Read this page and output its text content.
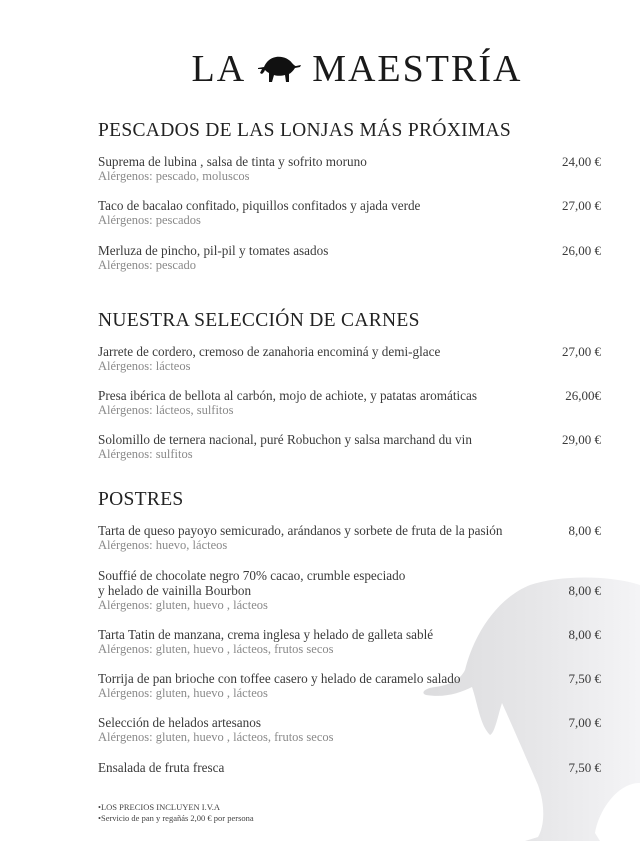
LA MAESTRÍA
PESCADOS DE LAS LONJAS MÁS PRÓXIMAS
Suprema de lubina , salsa de tinta y sofrito moruno
Alérgenos: pescado, moluscos
24,00 €
Taco de bacalao confitado, piquillos confitados y ajada verde
Alérgenos: pescados
27,00 €
Merluza de pincho, pil-pil y tomates asados
Alérgenos: pescado
26,00 €
NUESTRA SELECCIÓN DE CARNES
Jarrete de cordero, cremoso de zanahoria encominá y demi-glace
Alérgenos: lácteos
27,00 €
Presa ibérica de bellota al carbón, mojo de achiote, y patatas aromáticas
Alérgenos: lácteos, sulfitos
26,00€
Solomillo de ternera nacional, puré Robuchon y salsa marchand du vin
Alérgenos: sulfitos
29,00 €
POSTRES
Tarta de queso payoyo semicurado, arándanos y sorbete de fruta de la pasión
Alérgenos: huevo, lácteos
8,00 €
Souffié de chocolate negro 70% cacao, crumble especiado
y helado de vainilla Bourbon
Alérgenos: gluten, huevo , lácteos
8,00 €
Tarta Tatin de manzana, crema inglesa y helado de galleta sablé
Alérgenos: gluten, huevo , lácteos, frutos secos
8,00 €
Torrija de pan brioche con toffee casero y helado de caramelo salado
Alérgenos: gluten, huevo , lácteos
7,50 €
Selección de helados artesanos
Alérgenos: gluten, huevo , lácteos, frutos secos
7,00 €
Ensalada de fruta fresca	7,50 €
•LOS PRECIOS INCLUYEN I.V.A
•Servicio de pan y regañás 2,00 € por persona
